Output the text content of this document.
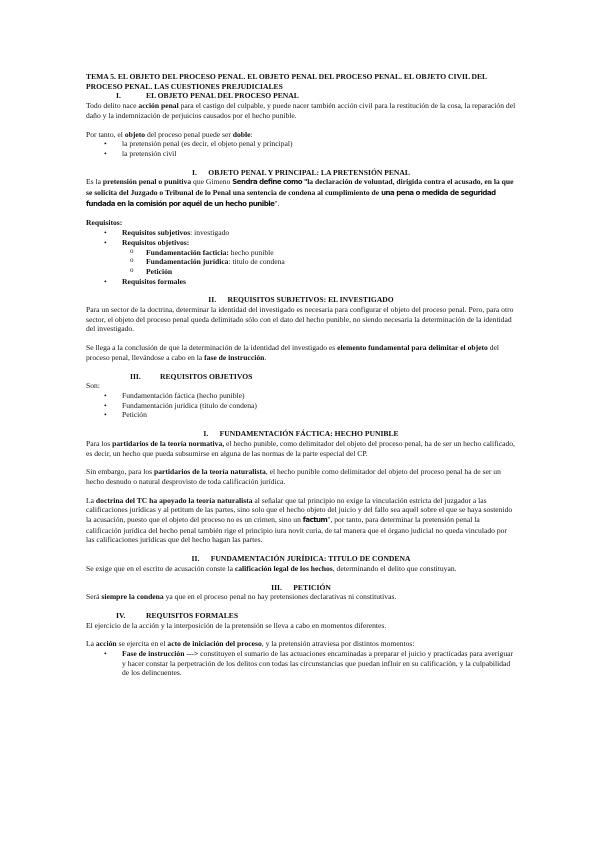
TEMA 5. EL OBJETO DEL PROCESO PENAL. EL OBJETO PENAL DEL PROCESO PENAL. EL OBJETO CIVIL DEL PROCESO PENAL. LAS CUESTIONES PREJUDICIALES

I.	EL OBJETO PENAL DEL PROCESO PENAL

Todo delito nace acción penal para el castigo del culpable, y puede nacer también acción civil para la restitución de la cosa, la reparación del daño y la indemnización de perjuicios causados por el hecho punible.

Por tanto, el objeto del proceso penal puede ser doble:

• la pretensión penal (es decir, el objeto penal y principal)
• la pretensión civil

I. OBJETO PENAL Y PRINCIPAL: LA PRETENSIÓN PENAL

Es la pretensión penal o punitiva que Gimeno Sendra define como "la declaración de voluntad, dirigida contra el acusado, en la que se solicita del Juzgado o Tribunal de lo Penal una sentencia de condena al cumplimiento de una pena o medida de seguridad fundada en la comisión por aquél de un hecho punible".

Requisitos:

• Requisitos subjetivos: investigado
• Requisitos objetivos:
o Fundamentación facticia: hecho punible
o Fundamentación jurídica: titulo de condena
o Petición
• Requisitos formales

II. REQUISITOS SUBJETIVOS: EL INVESTIGADO

Para un sector de la doctrina, determinar la identidad del investigado es necesaria para configurar el objeto del proceso penal. Pero, para otro sector, el objeto del proceso penal queda delimitado sólo con el dato del hecho punible, no siendo necesaria la determinación de la identidad del investigado.

Se llega a la conclusión de que la determinación de la identidad del investigado es elemento fundamental para delimitar el objeto del proceso penal, llevándose a cabo en la fase de instrucción.

III.	REQUISITOS OBJETIVOS

Son:

• Fundamentación fáctica (hecho punible)
• Fundamentación jurídica (titulo de condena)
• Petición

I. FUNDAMENTACIÓN FÁCTICA: HECHO PUNIBLE

Para los partidarios de la teoría normativa, el hecho punible, como delimitador del objeto del proceso penal, ha de ser un hecho calificado, es decir, un hecho que pueda subsumirse en alguna de las normas de la parte especial del CP.

Sin embargo, para los partidarios de la teoría naturalista, el hecho punible como delimitador del objeto del proceso penal ha de ser un hecho desnudo o natural desprovisto de toda calificación jurídica.

La doctrina del TC ha apoyado la teoría naturalista al señalar que tal principio no exige la vinculación estricta del juzgador a las calificaciones jurídicas y al petitum de las partes, sino solo que el hecho objeto del juicio y del fallo sea aquél sobre el que se haya sostenido la acusación, puesto que el objeto del proceso no es un crimen, sino un factum", por tanto, para determinar la pretensión penal la calificación jurídica del hecho penal también rige el principio iura novit curia, de tal manera que el órgano judicial no queda vinculado por las calificaciones jurídicas que del hecho hagan las partes.

II. FUNDAMENTACIÓN JURÍDICA: TITULO DE CONDENA

Se exige que en el escrito de acusación conste la calificación legal de los hechos, determinando el delito que constituyan.

III. PETICIÓN

Será siempre la condena ya que en el proceso penal no hay pretensiones declarativas ni constitutivas.

IV.	REQUISITOS FORMALES

El ejercicio de la acción y la interposición de la pretensión se lleva a cabo en momentos diferentes.

La acción se ejercita en el acto de iniciación del proceso, y la pretensión atraviesa por distintos momentos:

• Fase de instrucción ---> constituyen el sumario de las actuaciones encaminadas a preparar el juicio y practicadas para averiguar y hacer constar la perpetración de los delitos con todas las circunstancias que puedan influir en su calificación, y la culpabilidad de los delincuentes.
